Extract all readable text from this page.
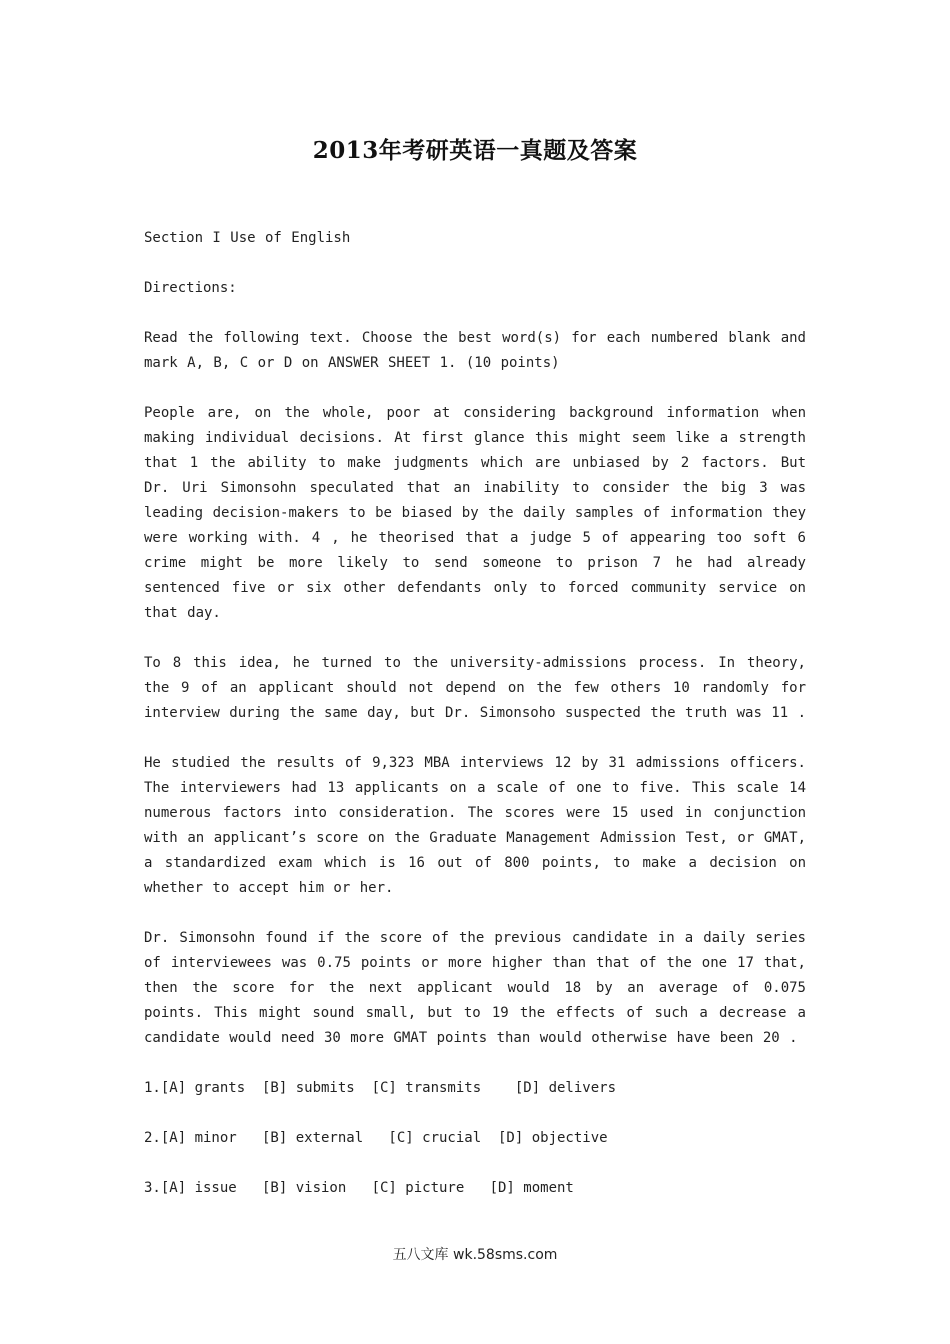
2013年考研英语一真题及答案

Section I Use of English

Directions:

Read the following text. Choose the best word(s) for each numbered blank and mark A, B, C or D on ANSWER SHEET 1. (10 points)

People are, on the whole, poor at considering background information when making individual decisions. At first glance this might seem like a strength that 1 the ability to make judgments which are unbiased by 2 factors. But Dr. Uri Simonsohn speculated that an inability to consider the big 3 was leading decision-makers to be biased by the daily samples of information they were working with. 4 , he theorised that a judge 5 of appearing too soft 6 crime might be more likely to send someone to prison 7 he had already sentenced five or six other defendants only to forced community service on that day.

To 8 this idea, he turned to the university-admissions process. In theory, the 9 of an applicant should not depend on the few others 10 randomly for interview during the same day, but Dr. Simonsoho suspected the truth was 11 .

He studied the results of 9,323 MBA interviews 12 by 31 admissions officers. The interviewers had 13 applicants on a scale of one to five. This scale 14 numerous factors into consideration. The scores were 15 used in conjunction with an applicant’s score on the Graduate Management Admission Test, or GMAT, a standardized exam which is 16 out of 800 points, to make a decision on whether to accept him or her.

Dr. Simonsohn found if the score of the previous candidate in a daily series of interviewees was 0.75 points or more higher than that of the one 17 that, then the score for the next applicant would 18 by an average of 0.075 points. This might sound small, but to 19 the effects of such a decrease a candidate would need 30 more GMAT points than would otherwise have been 20 .

1.[A] grants  [B] submits  [C] transmits    [D] delivers
2.[A] minor   [B] external   [C] crucial  [D] objective
3.[A] issue   [B] vision   [C] picture   [D] moment
五八文库 wk.58sms.com
